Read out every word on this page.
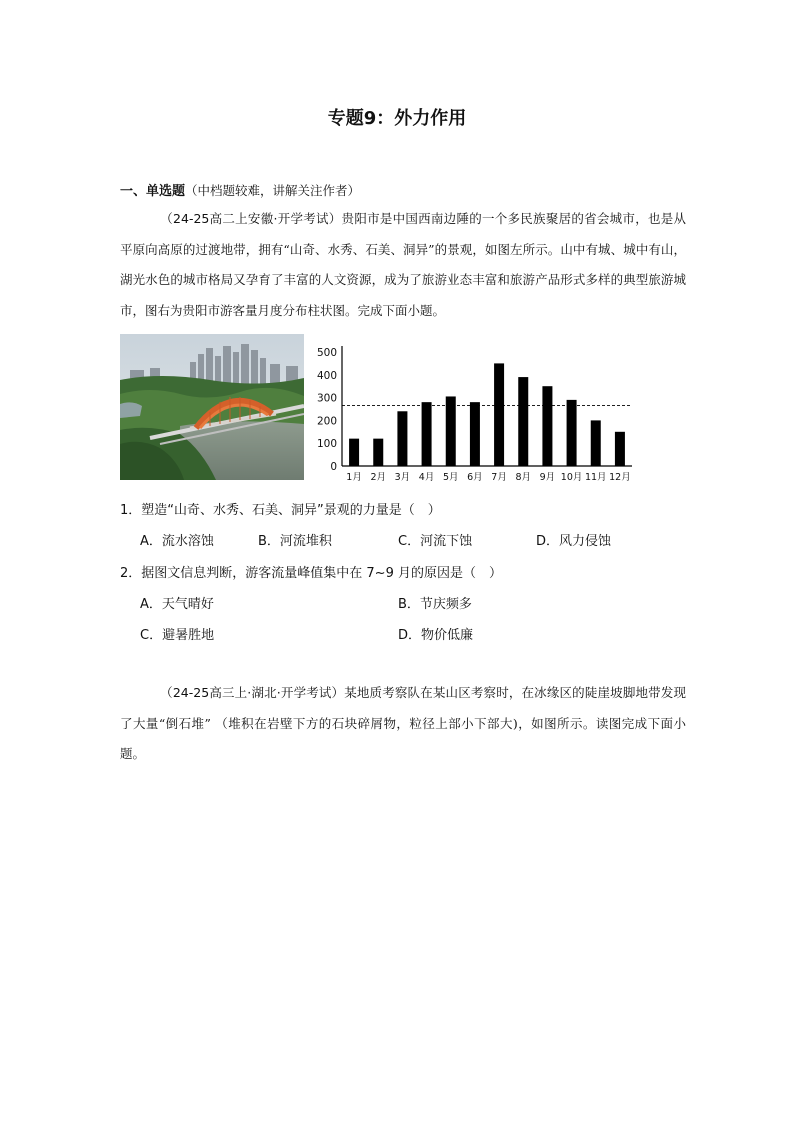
专题9：外力作用
一、单选题（中档题较难，讲解关注作者）
（24-25高二上安徽·开学考试）贵阳市是中国西南边陲的一个多民族聚居的省会城市，也是从平原向高原的过渡地带，拥有“山奇、水秀、石美、洞异”的景观，如图左所示。山中有城、城中有山，湖光水色的城市格局又孕育了丰富的人文资源，成为了旅游业态丰富和旅游产品形式多样的典型旅游城市，图右为贵阳市游客量月度分布柱状图。完成下面小题。
0
100
200
300
400
500
1月 2月 3月 4月 5月 6月 7月 8月 9月 10月 11月 12月
1．塑造“山奇、水秀、石美、洞异”景观的力量是（　）
A．流水溶蚀	B．河流堆积	C．河流下蚀	D．风力侵蚀
2．据图文信息判断，游客流量峰值集中在 7~9 月的原因是（　）
A．天气晴好	B．节庆频多
C．避暑胜地	D．物价低廉
（24-25高三上·湖北·开学考试）某地质考察队在某山区考察时，在冰缘区的陡崖坡脚地带发现了大量“倒石堆” （堆积在岩壁下方的石块碎屑物，粒径上部小下部大)，如图所示。读图完成下面小题。
